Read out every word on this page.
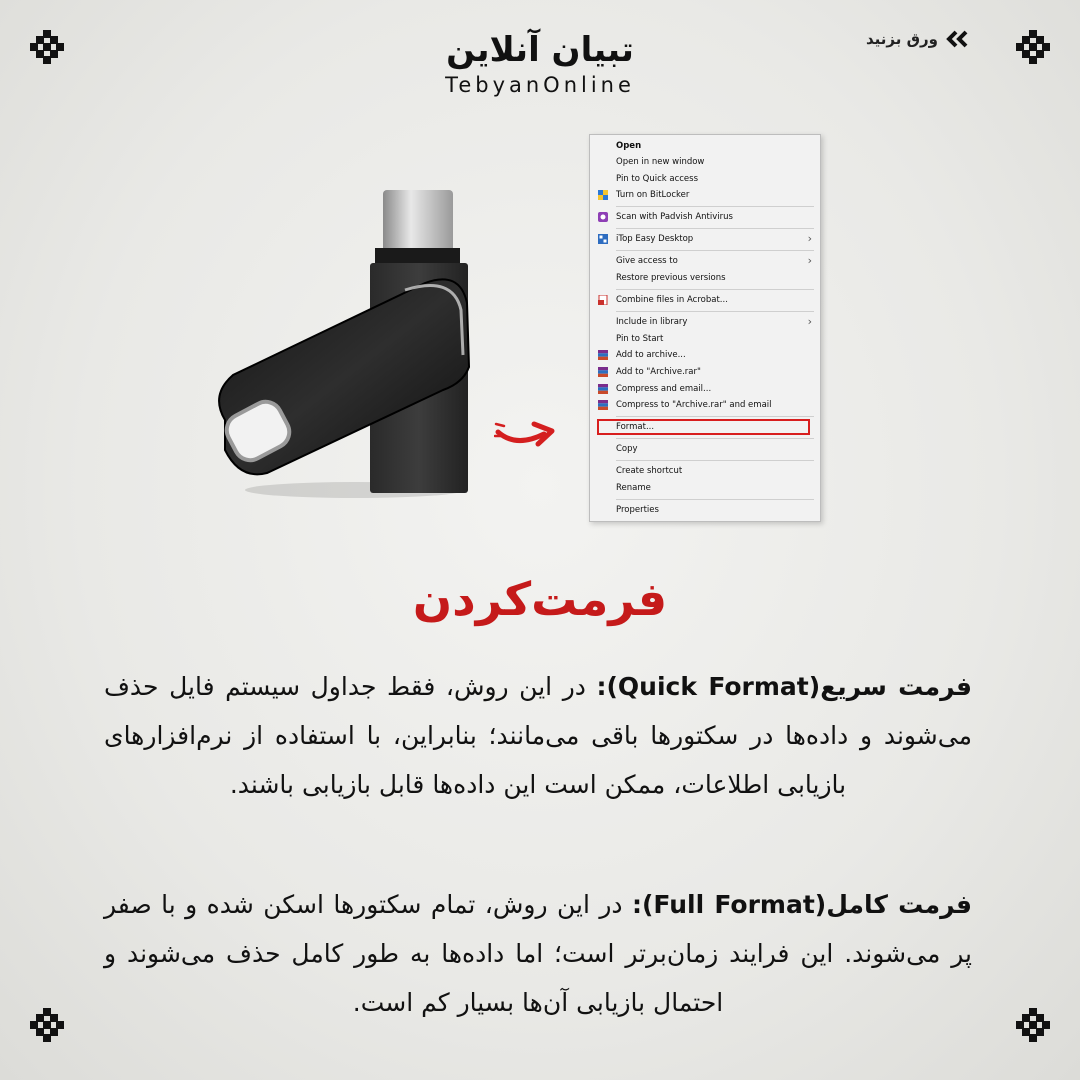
ورق بزنید
تبیان آنلاین
TebyanOnline
Open
Open in new window
Pin to Quick access
Turn on BitLocker
Scan with Padvish Antivirus
iTop Easy Desktop	›
Give access to	›
Restore previous versions
Combine files in Acrobat...
Include in library	›
Pin to Start
Add to archive...
Add to "Archive.rar"
Compress and email...
Compress to "Archive.rar" and email
Format...
Copy
Create shortcut
Rename
Properties
فرمت‌کردن
فرمت سریع(Quick Format): در این روش، فقط جداول سیستم فایل حذف می‌شوند و داده‌ها در سکتورها باقی می‌مانند؛ بنابراین، با استفاده از نرم‌افزارهای بازیابی اطلاعات، ممکن است این داده‌ها قابل بازیابی باشند.
فرمت کامل(Full Format): در این روش، تمام سکتورها اسکن شده و با صفر پر می‌شوند. این فرایند زمان‌برتر است؛ اما داده‌ها به طور کامل حذف می‌شوند و احتمال بازیابی آن‌ها بسیار کم است.
